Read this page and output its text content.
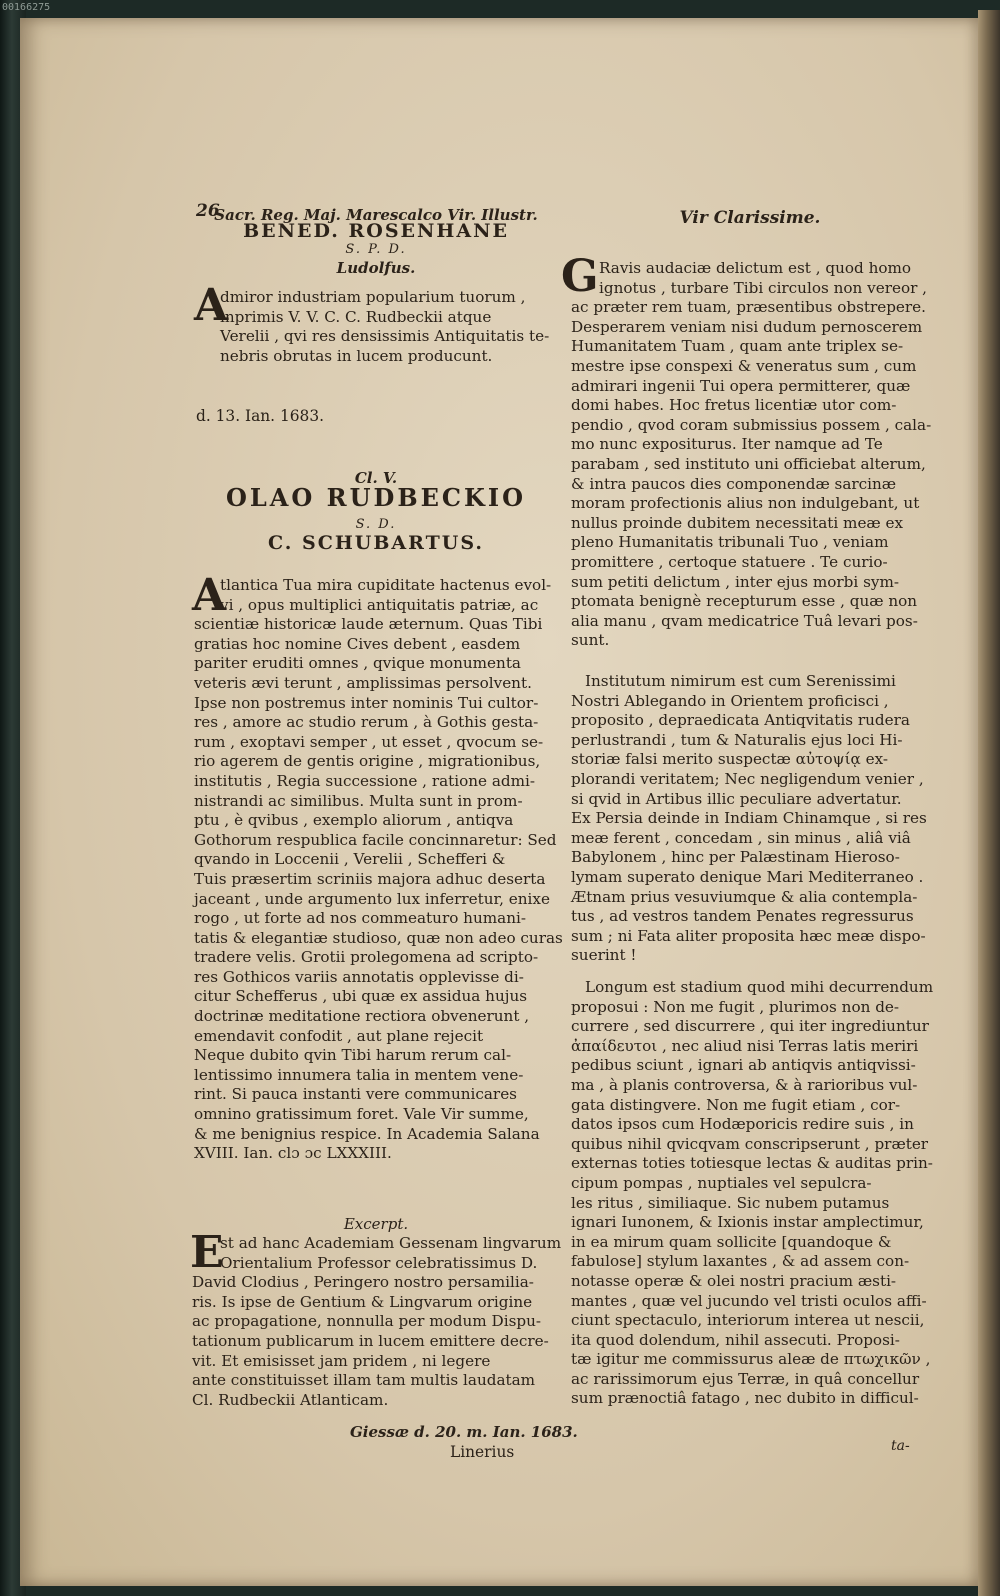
00166275
26
Sacr. Reg. Maj. Marescalco Vir. Illustr.
BENED. ROSENHANE
S. P. D.
Ludolfus.
A
dmiror industriam popularium tuorum ,
inprimis V. V. C. C. Rudbeckii atque
Verelii , qvi res densissimis Antiquitatis te-
nebris obrutas in lucem producunt.
d. 13. Ian. 1683.
Cl. V.
OLAO RUDBECKIO
S. D.
C. SCHUBARTUS.
A
tlantica Tua mira cupiditate hactenus evol-
vi , opus multiplici antiquitatis patriæ, ac
scientiæ historicæ laude æternum. Quas Tibi
gratias hoc nomine Cives debent , easdem
pariter eruditi omnes , qvique monumenta
veteris ævi terunt , amplissimas persolvent.
Ipse non postremus inter nominis Tui cultor-
res , amore ac studio rerum , à Gothis gesta-
rum , exoptavi semper , ut esset , qvocum se-
rio agerem de gentis origine , migrationibus,
institutis , Regia successione , ratione admi-
nistrandi ac similibus. Multa sunt in prom-
ptu , è qvibus , exemplo aliorum , antiqva
Gothorum respublica facile concinnaretur: Sed
qvando in Loccenii , Verelii , Schefferi &
Tuis præsertim scriniis majora adhuc deserta
jaceant , unde argumento lux inferretur, enixe
rogo , ut forte ad nos commeaturo humani-
tatis & elegantiæ studioso, quæ non adeo curas
tradere velis. Grotii prolegomena ad scripto-
res Gothicos variis annotatis opplevisse di-
citur Schefferus , ubi quæ ex assidua hujus
doctrinæ meditatione rectiora obvenerunt ,
emendavit confodit , aut plane rejecit
Neque dubito qvin Tibi harum rerum cal-
lentissimo innumera talia in mentem vene-
rint. Si pauca instanti vere communicares
omnino gratissimum foret. Vale Vir summe,
& me benignius respice. In Academia Salana
XVIII. Ian. clɔ ɔc LXXXIII.
Excerpt.
E
st ad hanc Academiam Gessenam lingvarum
Orientalium Professor celebratissimus D.
David Clodius , Peringero nostro persamilia-
ris. Is ipse de Gentium & Lingvarum origine
ac propagatione, nonnulla per modum Dispu-
tationum publicarum in lucem emittere decre-
vit. Et emisisset jam pridem , ni legere
ante constituisset illam tam multis laudatam
Cl. Rudbeckii Atlanticam.
Giessæ d. 20. m. Ian. 1683.
Linerius
Vir Clarissime.
G Ravis audaciæ delictum est , quod homo
ignotus , turbare Tibi circulos non vereor ,
ac præter rem tuam, præsentibus obstrepere.
Desperarem veniam nisi dudum pernoscerem
Humanitatem Tuam , quam ante triplex se-
mestre ipse conspexi & veneratus sum , cum
admirari ingenii Tui opera permitterer, quæ
domi habes. Hoc fretus licentiæ utor com-
pendio , qvod coram submissius possem , cala-
mo nunc expositurus. Iter namque ad Te
parabam , sed instituto uni officiebat alterum,
& intra paucos dies componendæ sarcinæ
moram profectionis alius non indulgebant, ut
nullus proinde dubitem necessitati meæ ex
pleno Humanitatis tribunali Tuo , veniam
promittere , certoque statuere . Te curio-
sum petiti delictum , inter ejus morbi sym-
ptomata benignè recepturum esse , quæ non
alia manu , qvam medicatrice Tuâ levari pos-
sunt.
Institutum nimirum est cum Serenissimi
Nostri Ablegando in Orientem proficisci ,
proposito , depraedicata Antiqvitatis rudera
perlustrandi , tum & Naturalis ejus loci Hi-
storiæ falsi merito suspectæ αὐτοψίᾳ ex-
plorandi veritatem; Nec negligendum venier ,
si qvid in Artibus illic peculiare advertatur.
Ex Persia deinde in Indiam Chinamque , si res
meæ ferent , concedam , sin minus , aliâ viâ
Babylonem , hinc per Palæstinam Hieroso-
lymam superato denique Mari Mediterraneo .
Ætnam prius vesuviumque & alia contempla-
tus , ad vestros tandem Penates regressurus
sum ; ni Fata aliter proposita hæc meæ dispo-
suerint !
Longum est stadium quod mihi decurrendum
proposui : Non me fugit , plurimos non de-
currere , sed discurrere , qui iter ingrediuntur
ἀπαίδευτοι , nec aliud nisi Terras latis meriri
pedibus sciunt , ignari ab antiqvis antiqvissi-
ma , à planis controversa, & à rarioribus vul-
gata distingvere. Non me fugit etiam , cor-
datos ipsos cum Hodæporicis redire suis , in
quibus nihil qvicqvam conscripserunt , præter
externas toties totiesque lectas & auditas prin-
cipum pompas , nuptiales vel sepulcra-
les ritus , similiaque. Sic nubem putamus
ignari Iunonem, & Ixionis instar amplectimur,
in ea mirum quam sollicite [quandoque &
fabulose] stylum laxantes , & ad assem con-
notasse operæ & olei nostri pracium æsti-
mantes , quæ vel jucundo vel tristi oculos affi-
ciunt spectaculo, interiorum interea ut nescii,
ita quod dolendum, nihil assecuti. Proposi-
tæ igitur me commissurus aleæ de πτωχικῶν ,
ac rarissimorum ejus Terræ, in quâ concellur
sum prænoctiâ fatago , nec dubito in difficul-
ta-
